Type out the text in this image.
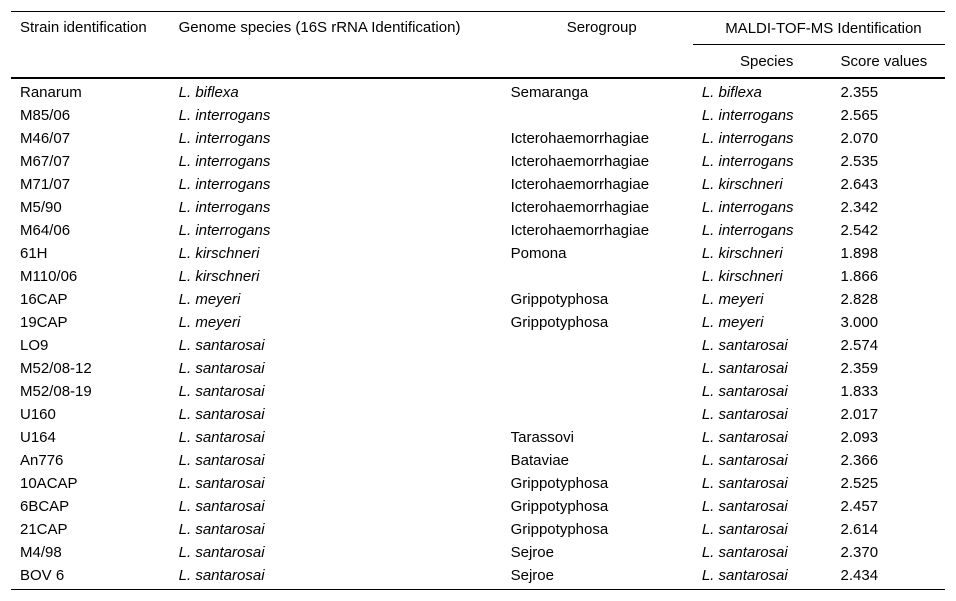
Strain identification	Genome species (16S rRNA Identification)	Serogroup	MALDI-TOF-MS Identification	
			Species	Score values
Ranarum	L. biflexa	Semaranga	L. biflexa	2.355
M85/06	L. interrogans		L. interrogans	2.565
M46/07	L. interrogans	Icterohaemorrhagiae	L. interrogans	2.070
M67/07	L. interrogans	Icterohaemorrhagiae	L. interrogans	2.535
M71/07	L. interrogans	Icterohaemorrhagiae	L. kirschneri	2.643
M5/90	L. interrogans	Icterohaemorrhagiae	L. interrogans	2.342
M64/06	L. interrogans	Icterohaemorrhagiae	L. interrogans	2.542
61H	L. kirschneri	Pomona	L. kirschneri	1.898
M110/06	L. kirschneri		L. kirschneri	1.866
16CAP	L. meyeri	Grippotyphosa	L. meyeri	2.828
19CAP	L. meyeri	Grippotyphosa	L. meyeri	3.000
LO9	L. santarosai		L. santarosai	2.574
M52/08-12	L. santarosai		L. santarosai	2.359
M52/08-19	L. santarosai		L. santarosai	1.833
U160	L. santarosai		L. santarosai	2.017
U164	L. santarosai	Tarassovi	L. santarosai	2.093
An776	L. santarosai	Bataviae	L. santarosai	2.366
10ACAP	L. santarosai	Grippotyphosa	L. santarosai	2.525
6BCAP	L. santarosai	Grippotyphosa	L. santarosai	2.457
21CAP	L. santarosai	Grippotyphosa	L. santarosai	2.614
M4/98	L. santarosai	Sejroe	L. santarosai	2.370
BOV 6	L. santarosai	Sejroe	L. santarosai	2.434
